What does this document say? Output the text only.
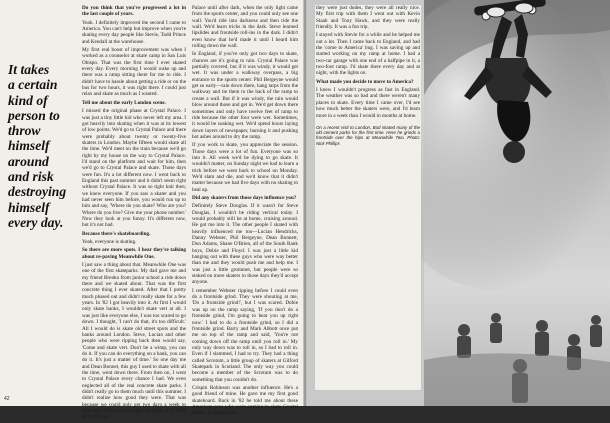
It takes
a certain
kind of
person to
throw
himself
around
and risk
destroying
himself
every day.

Do you think that you've progressed a lot in the last couple of years.

Yeah. I definitely improved the second I came to America. You can't help but improve when you're skating every day people like Stevie, Todd Prince and Kendall at the warehouse.

My first real boost of improvement was when I worked as a counselor at skate camp in San Luis Obispo. That was the first time I ever skated every day. Every morning I would wake up and there was a ramp sitting there for me to ride. I didn't have to hassle about getting a ride or on the bus for two hours, it was right there. I could just relax and skate as much as I wanted.

Tell me about the early London scene.

I missed the original phase at Crystal Palace. I was just a tiny little kid who never left my area. I got heavily into skating when it was at its lowest of low points. We'd go to Crystal Palace and there were probably about twenty or twenty-five skaters in London. Maybe fifteen would skate all the time. We'd meet on the train because we'd go right by my house on the way to Crystal Palace. I'd stand on the platform and wait for him, then we'd go to Crystal Palace and skate. Those days were fun. It's a lot different now. I went back to England this past summer and it didn't seem right without Crystal Palace. It was so tight knit then; we knew everyone. If you saw a skater and you had never seen him before, you would run up to him and say, 'Where do you skate? Who are you? Where do you live? Give me your phone number.' Now they look at you funny. It's different now, but it's not bad.

Because there's skateboarding.

Yeah, everyone is skating.

So there are more spots. I hear they're talking about re-paving Meanwhile One.

I just saw a thing about that. Meanwhile One was one of the first skateparks. My dad gave me and my friend Brenko from junior school a ride down there and we skated about. That was the first concrete thing I ever skated. After that I pretty much phased out and didn't really skate for a few years. In '82 I got heavily into it. At first I would only skate banks, I wouldn't skate vert at all. I was just like everyone else, I was too scared to go down. I thought, 'I can't do that, it's too difficult.' All I would do is skate old street spots and the banks around London. Steve, Lucian and other people who were ripping back then would say, 'Come and skate vert. Don't be a wimp, you can do it. If you can do everything on a bank, you can do it. It's just a matter of time.' So one day me and Dean Bonnet, this guy I used to skate with all the time, went down there. From then on, I went to Crystal Palace every chance I had. We even neglected all of the real concrete skate parks. I didn't really go to them much until this summer. I didn't realize how good they were. That was because we could only get two days a week to skate and we'd want to make the most of it. We'd skate Crystal

Palace until after dark, when the only light came from the sports center, and you could only see one wall. You'd ride into darkness and then ride the wall. We'd learn tricks in the dark. Steve learned lipslides and frontside roll-ins in the dark. I didn't even know that he'd made it until I heard him rolling down the wall.

In England, if you've only got two days to skate, chances are it's going to rain. Crystal Palace was partially covered, but if it was windy, it would get wet. It was under a walkway overpass, a big entrance to the sports center. Phil Bergeyne would get so early—rain down there, hang tarps from the walkway and tie them to the back of the ramp to create a wall. But if it was windy, the rain would blow around those and get in. We'd get down there sometimes and only have twelve feet of ramp to ride because the other four were wet. Sometimes, it would be soaking wet. We'd spend hours laying down layers of newspaper, burning it and pushing hot ashes around to dry the ramp.

If you work to skate, you appreciate the session. Those days were a lot of fun. Everyone was so into it. All week we'd be dying to go skate. It wouldn't matter, on Sunday night we had to learn a trick before we went back to school on Monday. We'd slam and die, and we'd know that it didn't matter because we had five days with no skating to heal up.

Did any skaters from those days influence you?

Definitely Steve Douglas. If it wasn't for Steve Douglas, I wouldn't be riding vertical today. I would probably still be at home, cruising around. He got me into it. The other people I skated with heavily influenced me too—Lucian Hendricks, Danny Webster, Phil Bergeyne, Dean Bonnett, Don Adams, Shane O'Brien, all of the South Bank boys, Dobie and Floyd. I was just a little kid hanging out with these guys who were way better than me and they would push me and help me. I was just a little grommet, but people were so stoked on more skaters in those days they'd accept anyone.

I remember Webster ripping before I could even do a frontside grind. They were shouting at me, 'Do a frontside grind!', but I was scared. Dobie was up on the ramp saying, 'If you don't do a frontside grind, I'm going to beat you up right now.' I had to do a frontside grind, so I did a frontside grind. Barry and Mark Abbott once put me on top of the ramp and said, 'You're not coming down off the ramp until you roll in.' My only way down was to roll in, so I had to roll in. Even if I slammed, I had to try. They had a thing called Scrotum, a little group of skaters at Gilford Skatepark in Scotland. The only way you could become a member of the Scrotum was to do something that you couldn't do.

Crispin Robinson was another influence. He's a good friend of mine. He gave me my first good skateboard. Back in '82 he told me about these American pros who were coming to skate Crystal Palace. It seemed like

42

they were just dudes, they were all really nice. My first trip with them I went out with Kevin Staab and Tony Hawk, and they were really friendly. It was a fun trip.

I stayed with Stevie for a while and he helped me out a lot. Then I came back to England, and had the 'come to America' bug. I was saving up and started working on my ramp at home. I had a two-car garage with one end of a halfpipe in it, a two-foot ramp. I'd skate there every day and at night, with the lights on.

What made you decide to move to America?

I knew I wouldn't progress as fast in England. The weather was so bad and there weren't many places to skate. Every time I came over, I'd see how much better the skaters were, and I'd learn more in a week than I would in months at home.

On a recent visit to London, Bod skated many of the old cement parks for the first time. Here he grinds a frontside over the hips at Meanwhile Two. Photo: Nick Phillips
